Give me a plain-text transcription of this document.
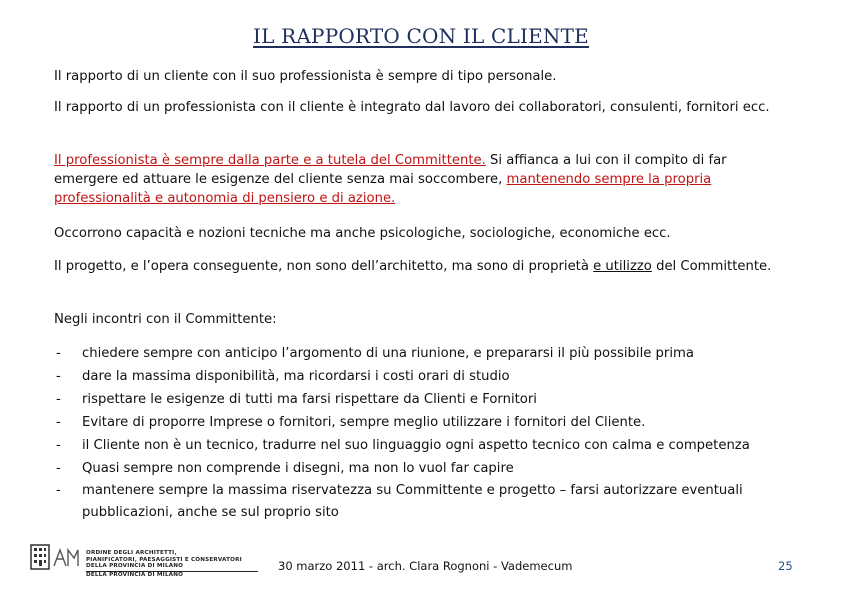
IL RAPPORTO CON IL CLIENTE
Il rapporto di un cliente con il suo professionista è sempre di tipo personale.
Il rapporto di un professionista con il cliente è integrato dal lavoro dei collaboratori, consulenti, fornitori ecc.
Il professionista è sempre dalla parte e a tutela del Committente. Si affianca a lui con il compito di far emergere ed attuare le esigenze del cliente senza mai soccombere, mantenendo sempre la propria professionalità e autonomia di pensiero e di azione.
Occorrono capacità e nozioni tecniche ma anche psicologiche, sociologiche, economiche ecc.
Il progetto, e l’opera conseguente, non sono dell’architetto, ma sono di proprietà e utilizzo del Committente.
Negli incontri con il Committente:
- chiedere sempre con anticipo l’argomento di una riunione, e prepararsi il più possibile prima
- dare la massima disponibilità, ma ricordarsi i costi orari di studio
- rispettare le esigenze di tutti ma farsi rispettare da Clienti e Fornitori
- Evitare di proporre Imprese o fornitori, sempre meglio utilizzare i fornitori del Cliente.
- il Cliente non è un tecnico, tradurre nel suo linguaggio ogni aspetto tecnico con calma e competenza
- Quasi sempre non comprende i disegni, ma non lo vuol far capire
- mantenere sempre la massima riservatezza su Committente e progetto – farsi autorizzare eventuali pubblicazioni, anche se sul proprio sito
ORDINE DEGLI ARCHITETTI,
PIANIFICATORI, PAESAGGISTI E CONSERVATORI
DELLA PROVINCIA DI MILANO
DELLA PROVINCIA DI MILANO
30 marzo 2011 - arch. Clara Rognoni - Vademecum	25
